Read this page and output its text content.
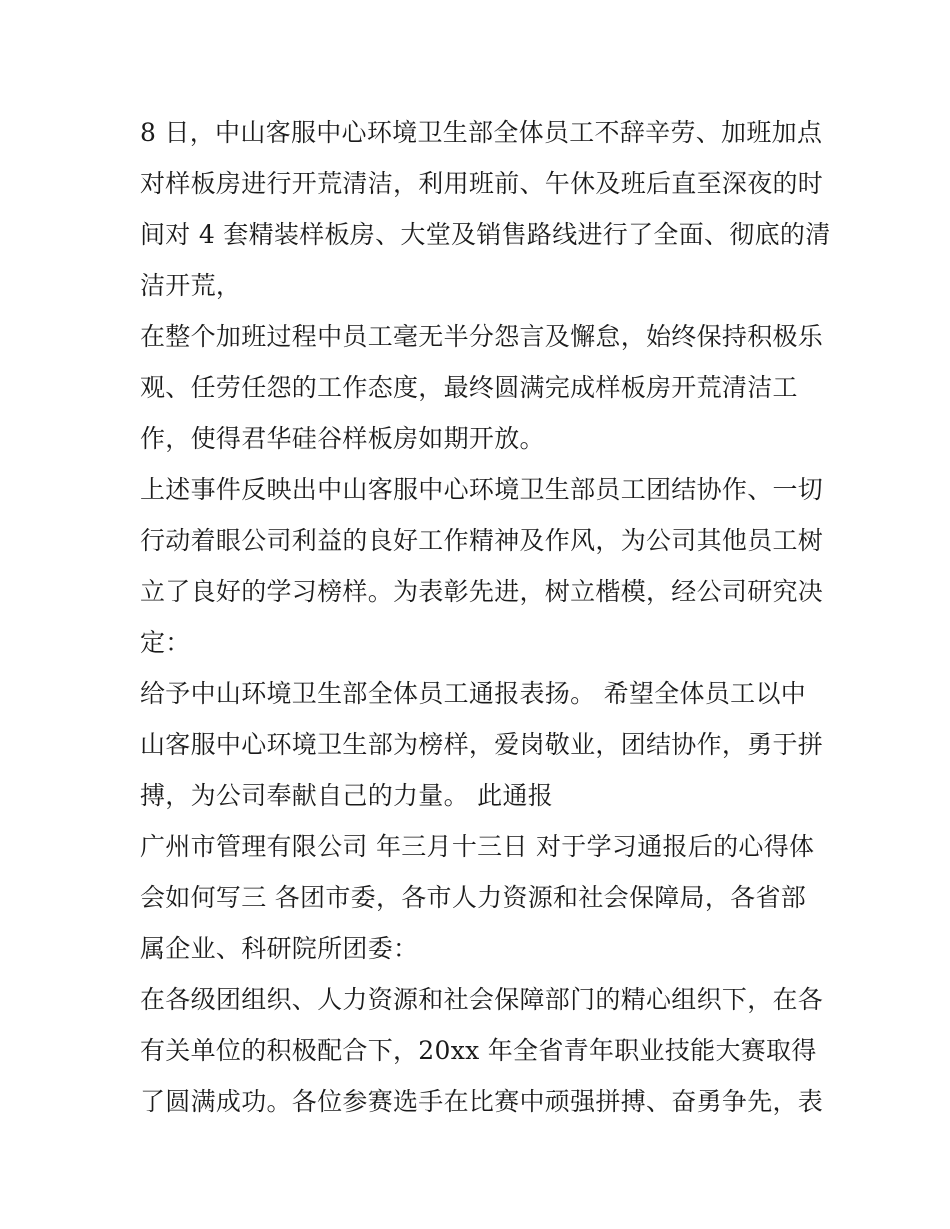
8 日，中山客服中心环境卫生部全体员工不辞辛劳、加班加点
对样板房进行开荒清洁，利用班前、午休及班后直至深夜的时
间对 4 套精装样板房、大堂及销售路线进行了全面、彻底的清
洁开荒，
在整个加班过程中员工毫无半分怨言及懈怠，始终保持积极乐
观、任劳任怨的工作态度，最终圆满完成样板房开荒清洁工
作，使得君华硅谷样板房如期开放。
上述事件反映出中山客服中心环境卫生部员工团结协作、一切
行动着眼公司利益的良好工作精神及作风，为公司其他员工树
立了良好的学习榜样。为表彰先进，树立楷模，经公司研究决
定：
给予中山环境卫生部全体员工通报表扬。 希望全体员工以中
山客服中心环境卫生部为榜样，爱岗敬业，团结协作，勇于拼
搏，为公司奉献自己的力量。 此通报
广州市管理有限公司 年三月十三日 对于学习通报后的心得体
会如何写三 各团市委，各市人力资源和社会保障局，各省部
属企业、科研院所团委：
在各级团组织、人力资源和社会保障部门的精心组织下，在各
有关单位的积极配合下，20xx 年全省青年职业技能大赛取得
了圆满成功。各位参赛选手在比赛中顽强拼搏、奋勇争先，表
